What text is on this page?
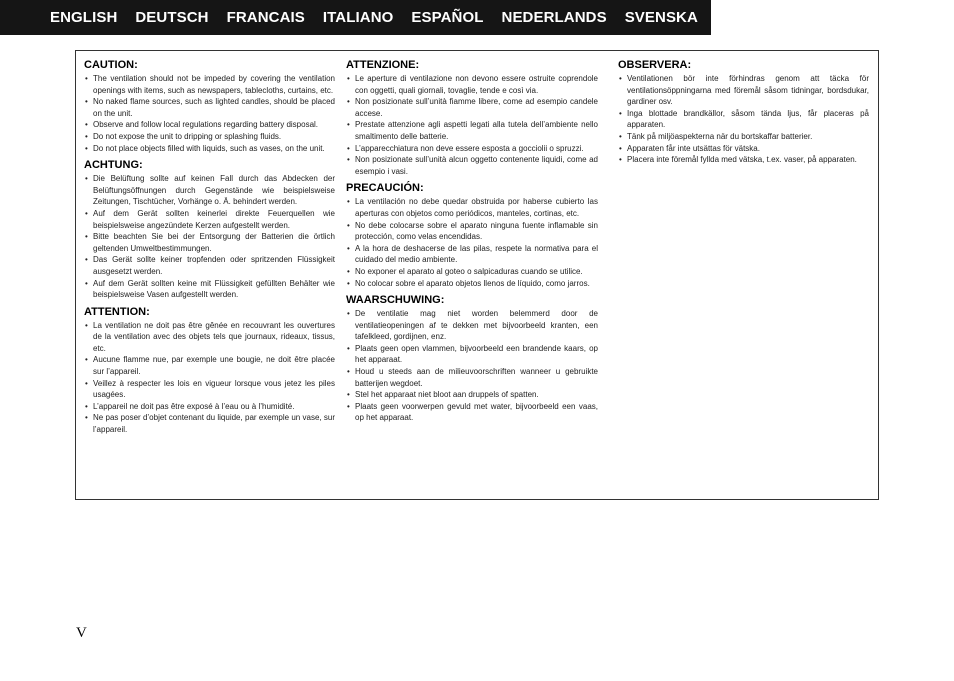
ENGLISH DEUTSCH FRANCAIS ITALIANO ESPAÑOL NEDERLANDS SVENSKA
CAUTION:
• The ventilation should not be impeded by covering the ventilation openings with items, such as newspapers, tablecloths, curtains, etc.
• No naked flame sources, such as lighted candles, should be placed on the unit.
• Observe and follow local regulations regarding battery disposal.
• Do not expose the unit to dripping or splashing fluids.
• Do not place objects filled with liquids, such as vases, on the unit.
ACHTUNG:
• Die Belüftung sollte auf keinen Fall durch das Abdecken der Belüftungsöffnungen durch Gegenstände wie beispielsweise Zeitungen, Tischtücher, Vorhänge o. Ä. behindert werden.
• Auf dem Gerät sollten keinerlei direkte Feuerquellen wie beispielsweise angezündete Kerzen aufgestellt werden.
• Bitte beachten Sie bei der Entsorgung der Batterien die örtlich geltenden Umweltbestimmungen.
• Das Gerät sollte keiner tropfenden oder spritzenden Flüssigkeit ausgesetzt werden.
• Auf dem Gerät sollten keine mit Flüssigkeit gefüllten Behälter wie beispielsweise Vasen aufgestellt werden.
ATTENTION:
• La ventilation ne doit pas être gênée en recouvrant les ouvertures de la ventilation avec des objets tels que journaux, rideaux, tissus, etc.
• Aucune flamme nue, par exemple une bougie, ne doit être placée sur l’appareil.
• Veillez à respecter les lois en vigueur lorsque vous jetez les piles usagées.
• L’appareil ne doit pas être exposé à l’eau ou à l’humidité.
• Ne pas poser d’objet contenant du liquide, par exemple un vase, sur l’appareil.
ATTENZIONE:
• Le aperture di ventilazione non devono essere ostruite coprendole con oggetti, quali giornali, tovaglie, tende e così via.
• Non posizionate sull’unità fiamme libere, come ad esempio candele accese.
• Prestate attenzione agli aspetti legati alla tutela dell’ambiente nello smaltimento delle batterie.
• L’apparecchiatura non deve essere esposta a gocciolii o spruzzi.
• Non posizionate sull’unità alcun oggetto contenente liquidi, come ad esempio i vasi.
PRECAUCIÓN:
• La ventilación no debe quedar obstruida por haberse cubierto las aperturas con objetos como periódicos, manteles, cortinas, etc.
• No debe colocarse sobre el aparato ninguna fuente inflamable sin protección, como velas encendidas.
• A la hora de deshacerse de las pilas, respete la normativa para el cuidado del medio ambiente.
• No exponer el aparato al goteo o salpicaduras cuando se utilice.
• No colocar sobre el aparato objetos llenos de líquido, como jarros.
WAARSCHUWING:
• De ventilatie mag niet worden belemmerd door de ventilatieopeningen af te dekken met bijvoorbeeld kranten, een tafelkleed, gordijnen, enz.
• Plaats geen open vlammen, bijvoorbeeld een brandende kaars, op het apparaat.
• Houd u steeds aan de milieuvoorschriften wanneer u gebruikte batterijen wegdoet.
• Stel het apparaat niet bloot aan druppels of spatten.
• Plaats geen voorwerpen gevuld met water, bijvoorbeeld een vaas, op het apparaat.
OBSERVERA:
• Ventilationen bör inte förhindras genom att täcka för ventilationsöppningarna med föremål såsom tidningar, bordsdukar, gardiner osv.
• Inga blottade brandkällor, såsom tända ljus, får placeras på apparaten.
• Tänk på miljöaspekterna när du bortskaffar batterier.
• Apparaten får inte utsättas för vätska.
• Placera inte föremål fyllda med vätska, t.ex. vaser, på apparaten.
V
